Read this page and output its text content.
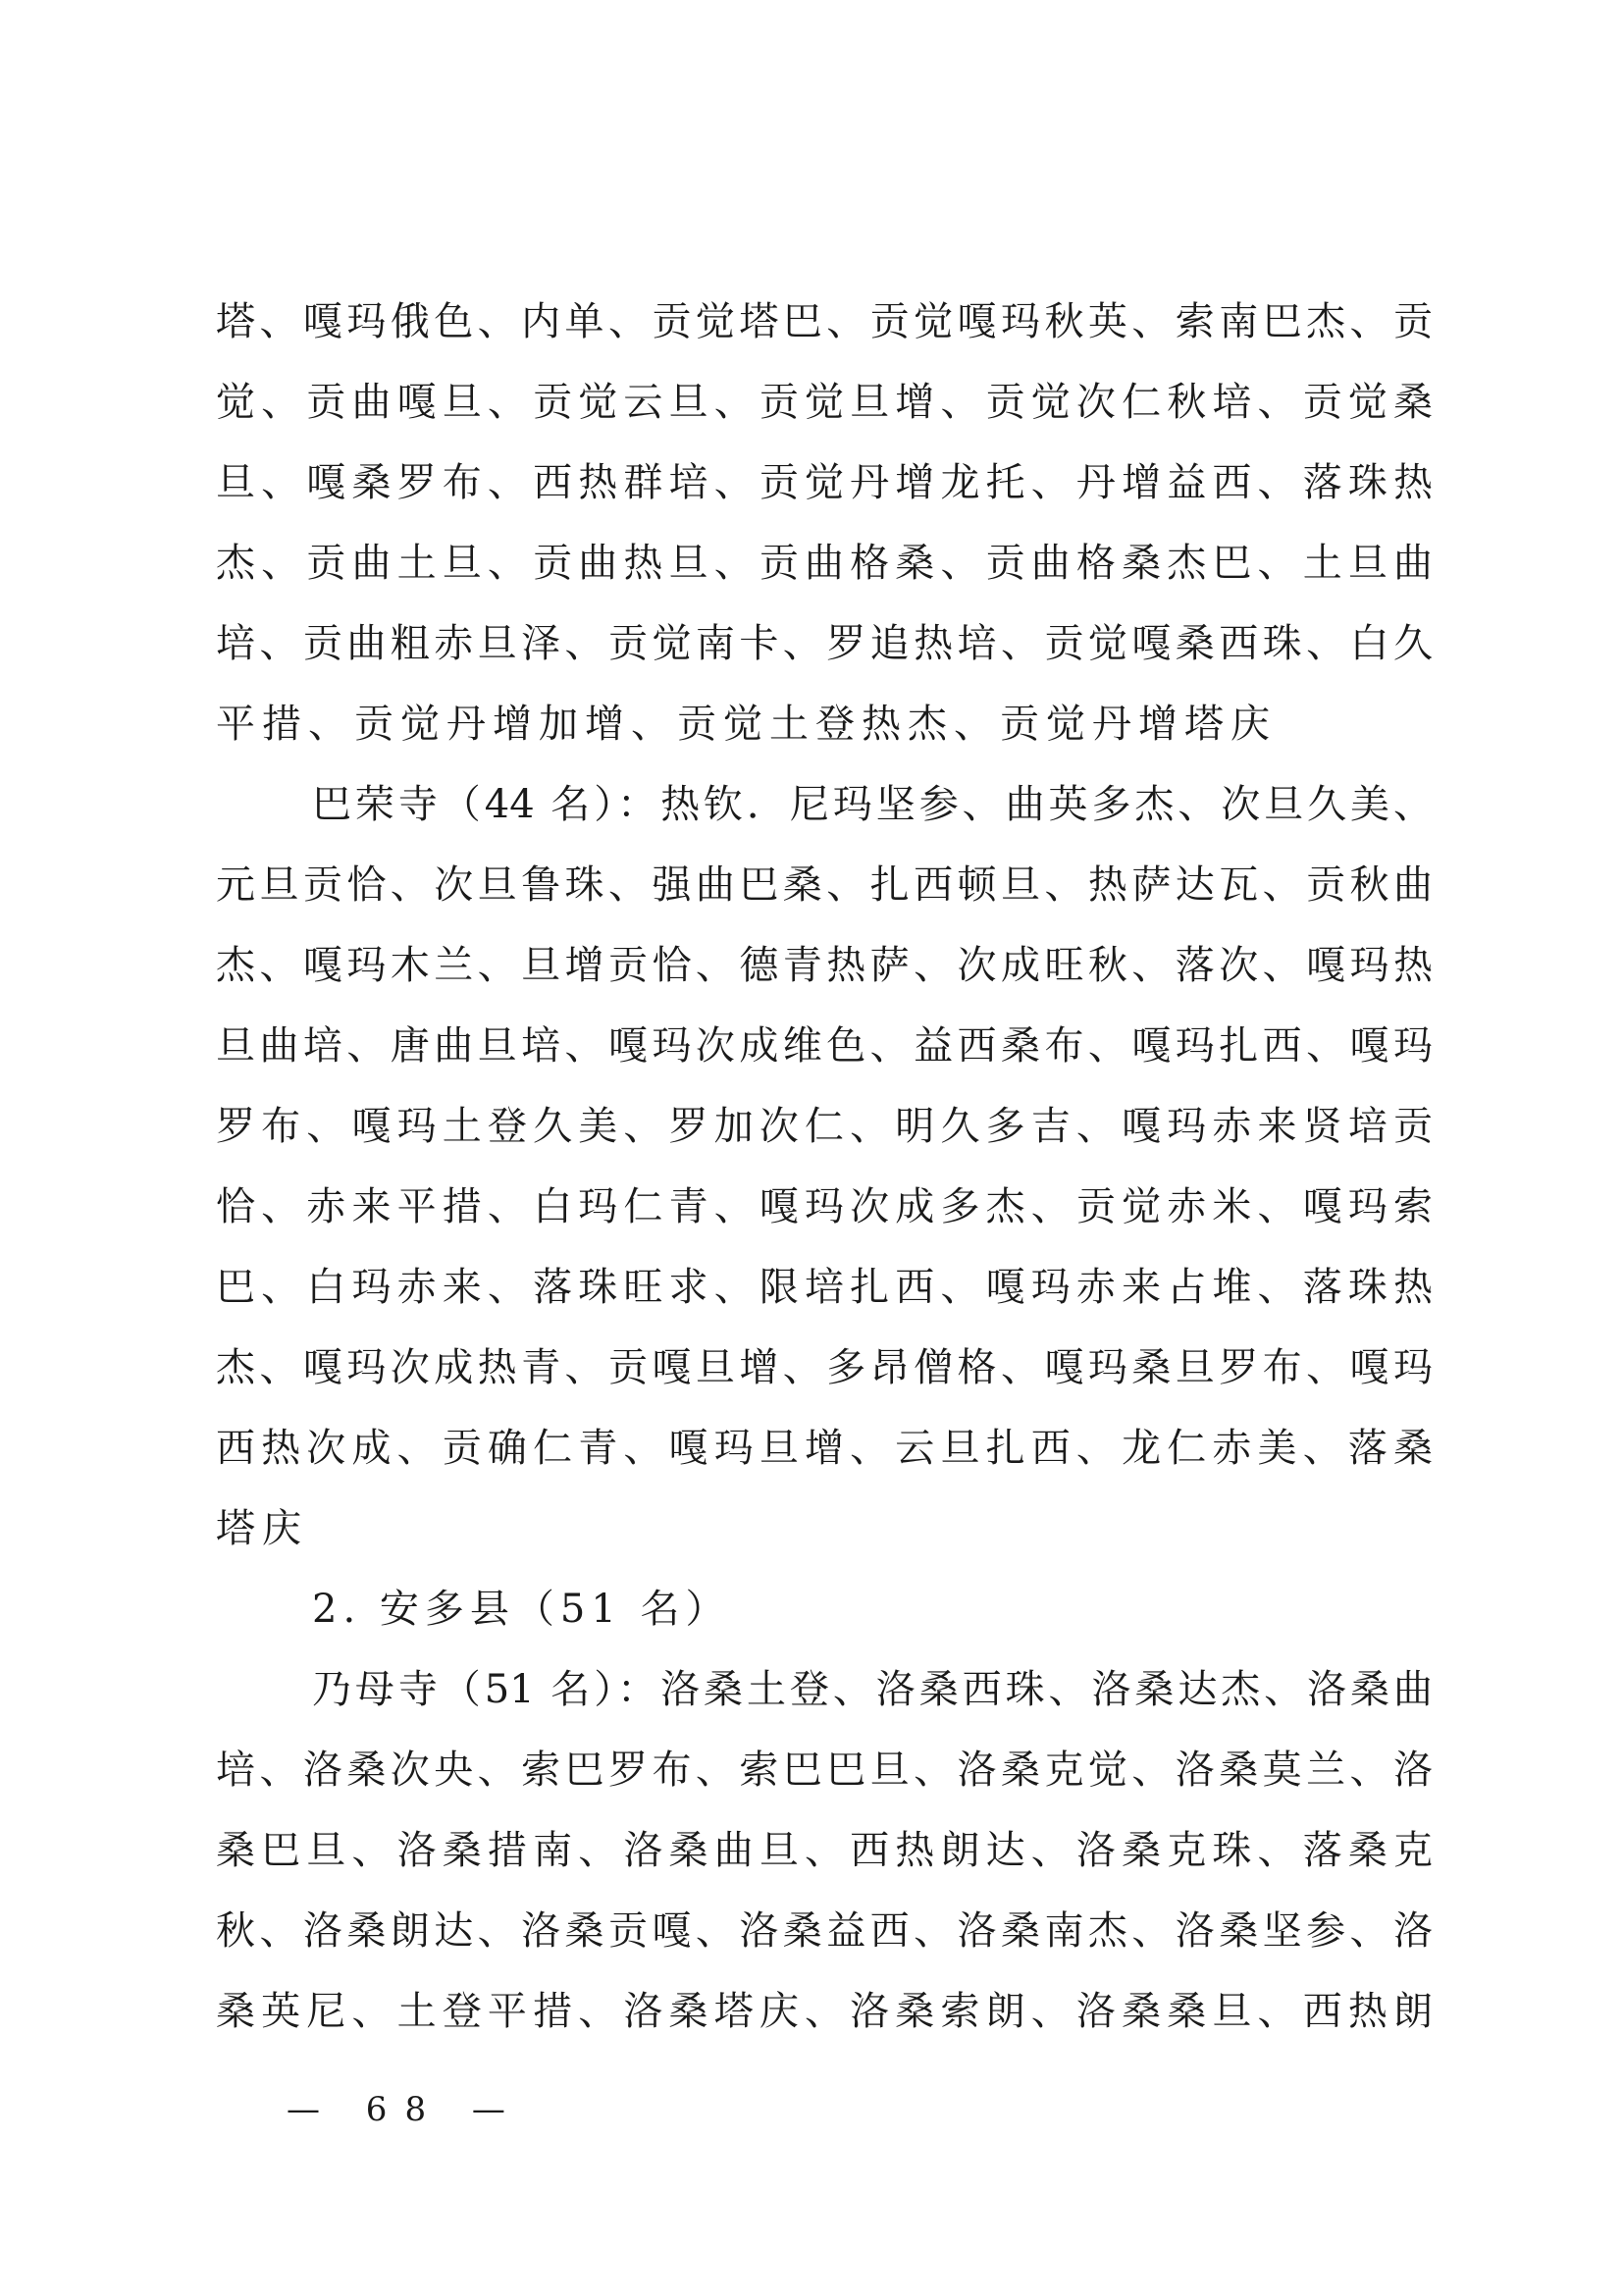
塔、嘎玛俄色、内单、贡觉塔巴、贡觉嘎玛秋英、索南巴杰、贡
觉、贡曲嘎旦、贡觉云旦、贡觉旦增、贡觉次仁秋培、贡觉桑
旦、嘎桑罗布、西热群培、贡觉丹增龙托、丹增益西、落珠热
杰、贡曲土旦、贡曲热旦、贡曲格桑、贡曲格桑杰巴、土旦曲
培、贡曲粗赤旦泽、贡觉南卡、罗追热培、贡觉嘎桑西珠、白久
平措、贡觉丹增加增、贡觉土登热杰、贡觉丹增塔庆
巴荣寺（44 名）：热钦．尼玛坚参、曲英多杰、次旦久美、
元旦贡恰、次旦鲁珠、强曲巴桑、扎西顿旦、热萨达瓦、贡秋曲
杰、嘎玛木兰、旦增贡恰、德青热萨、次成旺秋、落次、嘎玛热
旦曲培、唐曲旦培、嘎玛次成维色、益西桑布、嘎玛扎西、嘎玛
罗布、嘎玛土登久美、罗加次仁、明久多吉、嘎玛赤来贤培贡
恰、赤来平措、白玛仁青、嘎玛次成多杰、贡觉赤米、嘎玛索
巴、白玛赤来、落珠旺求、限培扎西、嘎玛赤来占堆、落珠热
杰、嘎玛次成热青、贡嘎旦增、多昂僧格、嘎玛桑旦罗布、嘎玛
西热次成、贡确仁青、嘎玛旦增、云旦扎西、龙仁赤美、落桑
塔庆
2. 安多县（51 名）
乃母寺（51 名）：洛桑土登、洛桑西珠、洛桑达杰、洛桑曲
培、洛桑次央、索巴罗布、索巴巴旦、洛桑克觉、洛桑莫兰、洛
桑巴旦、洛桑措南、洛桑曲旦、西热朗达、洛桑克珠、落桑克
秋、洛桑朗达、洛桑贡嘎、洛桑益西、洛桑南杰、洛桑坚参、洛
桑英尼、土登平措、洛桑塔庆、洛桑索朗、洛桑桑旦、西热朗
— 68 —
